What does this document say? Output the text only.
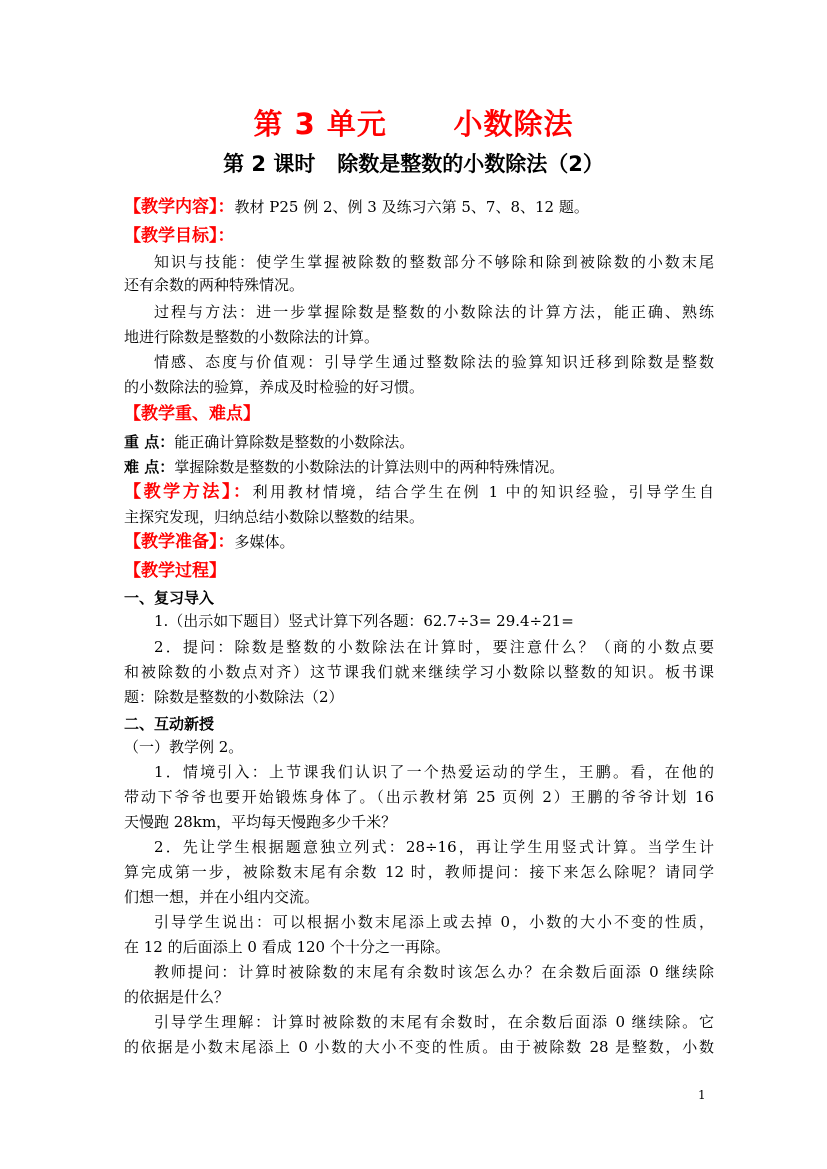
第 3 单元      小数除法
第 2 课时   除数是整数的小数除法（2）
【教学内容】：教材 P25 例 2、例 3 及练习六第 5、7、8、12 题。
【教学目标】：
知识与技能：使学生掌握被除数的整数部分不够除和除到被除数的小数末尾
还有余数的两种特殊情况。
过程与方法：进一步掌握除数是整数的小数除法的计算方法，能正确、熟练
地进行除数是整数的小数除法的计算。
情感、态度与价值观：引导学生通过整数除法的验算知识迁移到除数是整数
的小数除法的验算，养成及时检验的好习惯。
【教学重、难点】
重 点：能正确计算除数是整数的小数除法。
难 点：掌握除数是整数的小数除法的计算法则中的两种特殊情况。
【教学方法】：利用教材情境，结合学生在例 1 中的知识经验，引导学生自
主探究发现，归纳总结小数除以整数的结果。
【教学准备】：多媒体。
【教学过程】
一、复习导入
1.（出示如下题目）竖式计算下列各题：62.7÷3= 29.4÷21=
2．提问：除数是整数的小数除法在计算时，要注意什么？（商的小数点要
和被除数的小数点对齐）这节课我们就来继续学习小数除以整数的知识。板书课
题：除数是整数的小数除法（2）
二、互动新授
（一）教学例 2。
1．情境引入：上节课我们认识了一个热爱运动的学生，王鹏。看，在他的
带动下爷爷也要开始锻炼身体了。（出示教材第 25 页例 2）王鹏的爷爷计划 16
天慢跑 28km，平均每天慢跑多少千米？
2．先让学生根据题意独立列式：28÷16，再让学生用竖式计算。当学生计
算完成第一步，被除数末尾有余数 12 时，教师提问：接下来怎么除呢？请同学
们想一想，并在小组内交流。
引导学生说出：可以根据小数末尾添上或去掉 0，小数的大小不变的性质，
在 12 的后面添上 0 看成 120 个十分之一再除。
教师提问：计算时被除数的末尾有余数时该怎么办？在余数后面添 0 继续除
的依据是什么？
引导学生理解：计算时被除数的末尾有余数时，在余数后面添 0 继续除。它
的依据是小数末尾添上 0 小数的大小不变的性质。由于被除数 28 是整数，小数
1
